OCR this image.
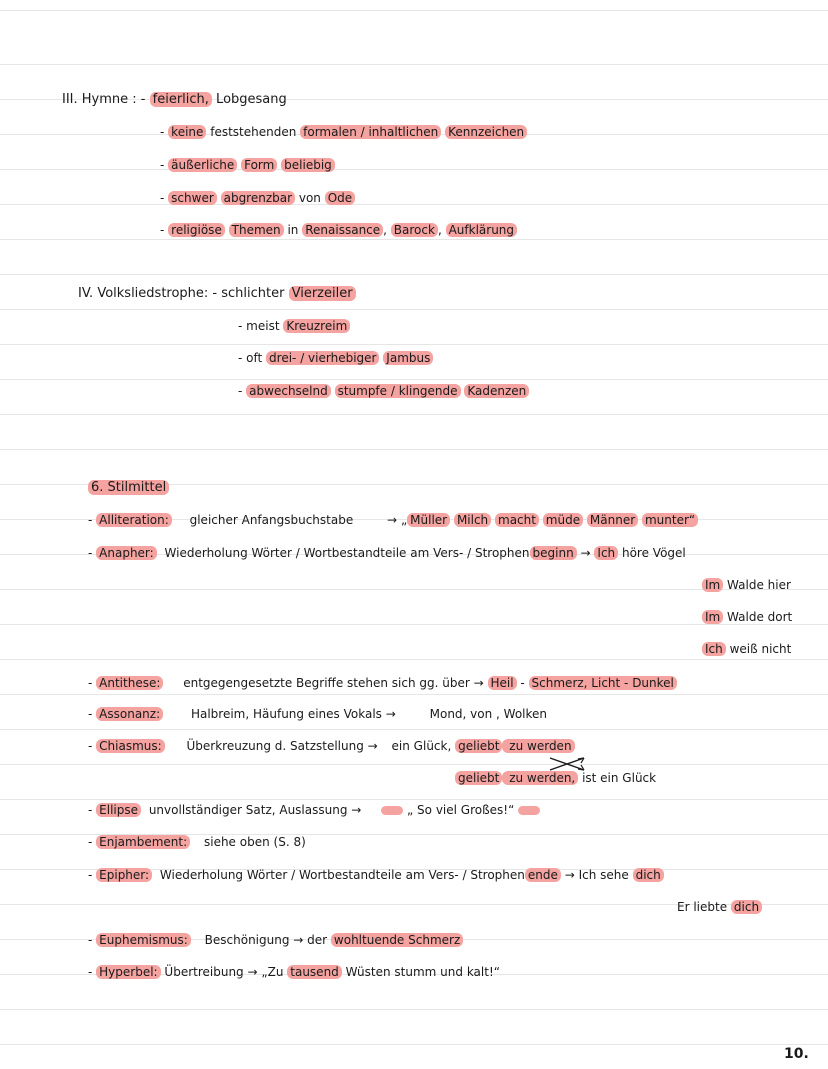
III. Hymne : - feierlich, Lobgesang
- keine feststehenden formalen / inhaltlichen Kennzeichen
- äußerliche Form beliebig
- schwer abgrenzbar von Ode
- religiöse Themen in Renaissance , Barock , Aufklärung
IV. Volksliedstrophe: - schlichter Vierzeiler
- meist Kreuzreim
- oft drei- / vierhebiger Jambus
- abwechselnd stumpfe / klingende Kadenzen
6. Stilmittel
- Alliteration: gleicher Anfangsbuchstabe	→ „ Müller Milch macht müde Männer munter“
- Anapher: Wiederholung Wörter / Wortbestandteile am Vers- / Strophen beginn → Ich höre Vögel
Im Walde hier
Im Walde dort
Ich weiß nicht
- Antithese: entgegengesetzte Begriffe stehen sich gg. über → Heil - Schmerz, Licht - Dunkel
- Assonanz:	Halbreim, Häufung eines Vokals →	Mond, von , Wolken
- Chiasmus: Überkreuzung d. Satzstellung → ein Glück, geliebt zu werden
geliebt zu werden, ist ein Glück
- Ellipse unvollständiger Satz, Auslassung →	„ So viel Großes!“
- Enjambement: siehe oben (S. 8)
- Epipher: Wiederholung Wörter / Wortbestandteile am Vers- / Strophen ende → Ich sehe dich
Er liebte dich
- Euphemismus: Beschönigung → der wohltuende Schmerz
- Hyperbel: Übertreibung → „Zu tausend Wüsten stumm und kalt!“
10.
